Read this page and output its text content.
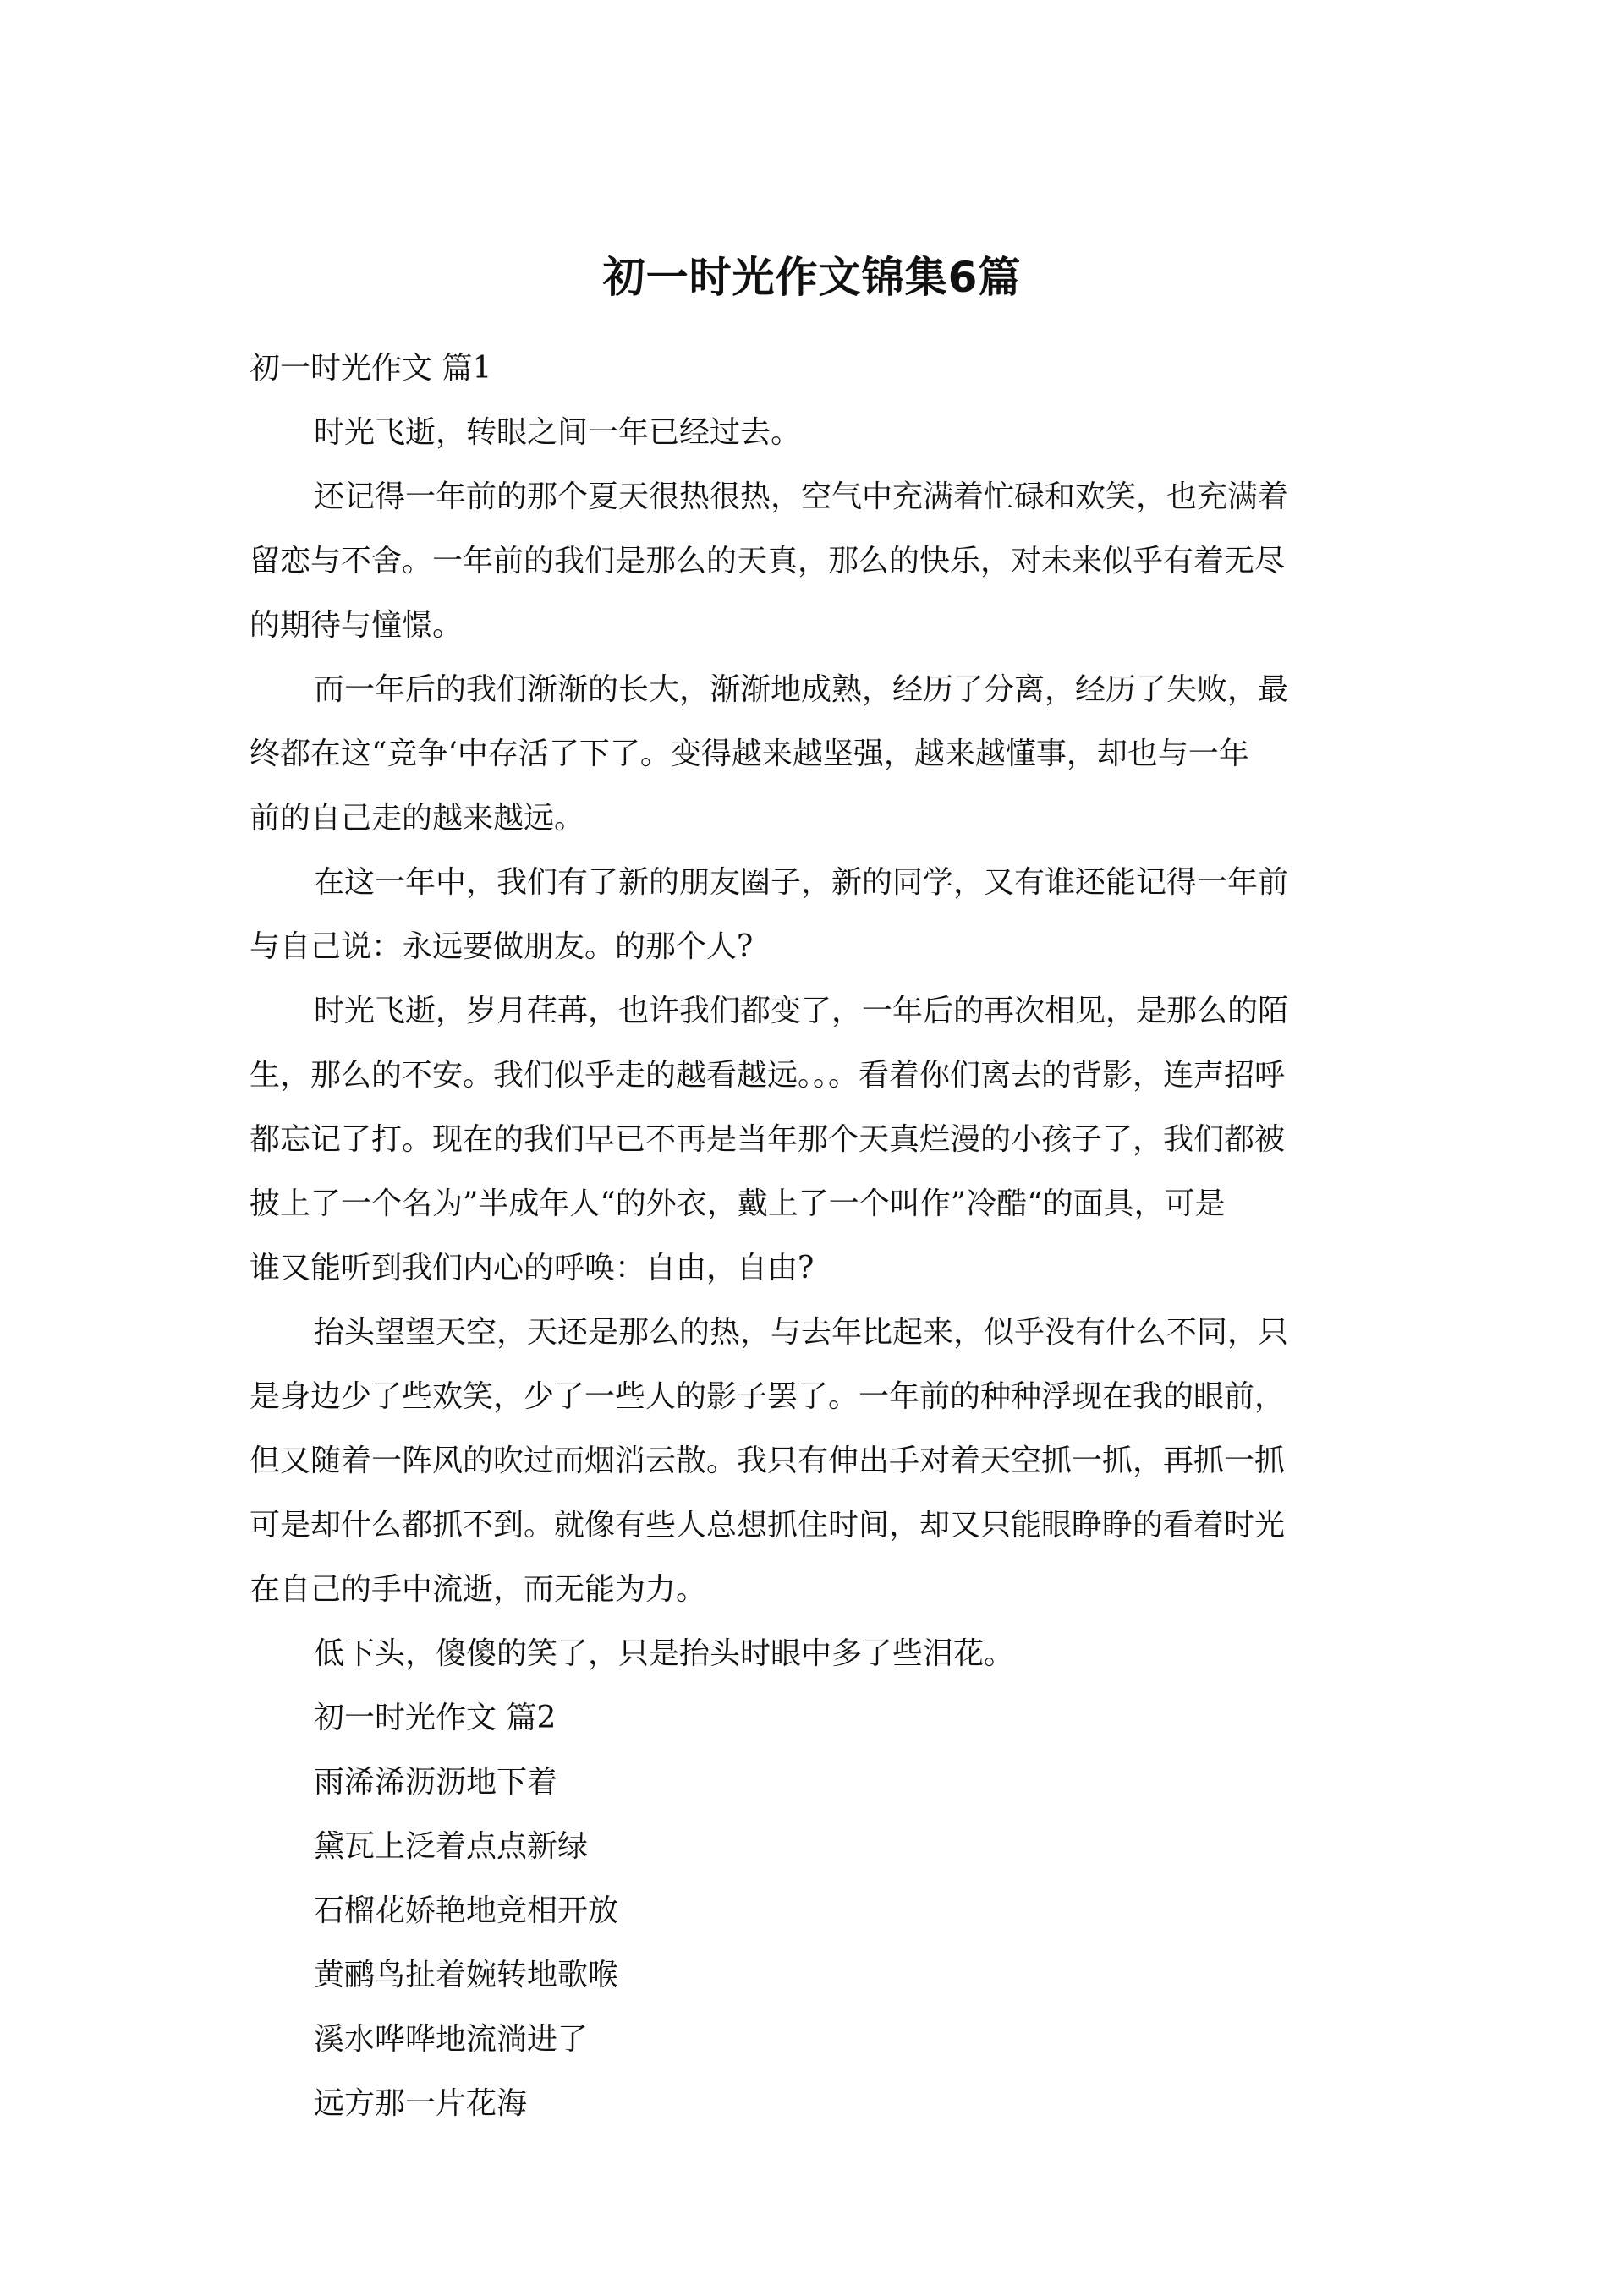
初一时光作文锦集6篇
初一时光作文 篇1
时光飞逝，转眼之间一年已经过去。
还记得一年前的那个夏天很热很热，空气中充满着忙碌和欢笑，也充满着
留恋与不舍。一年前的我们是那么的天真，那么的快乐，对未来似乎有着无尽
的期待与憧憬。
而一年后的我们渐渐的长大，渐渐地成熟，经历了分离，经历了失败，最
终都在这“竞争‘中存活了下了。变得越来越坚强，越来越懂事，却也与一年
前的自己走的越来越远。
在这一年中，我们有了新的朋友圈子，新的同学，又有谁还能记得一年前
与自己说：永远要做朋友。的那个人?
时光飞逝，岁月荏苒，也许我们都变了，一年后的再次相见，是那么的陌
生，那么的不安。我们似乎走的越看越远。。。看着你们离去的背影，连声招呼
都忘记了打。现在的我们早已不再是当年那个天真烂漫的小孩子了，我们都被
披上了一个名为”半成年人“的外衣，戴上了一个叫作”冷酷“的面具，可是
谁又能听到我们内心的呼唤：自由，自由?
抬头望望天空，天还是那么的热，与去年比起来，似乎没有什么不同，只
是身边少了些欢笑，少了一些人的影子罢了。一年前的种种浮现在我的眼前，
但又随着一阵风的吹过而烟消云散。我只有伸出手对着天空抓一抓，再抓一抓
可是却什么都抓不到。就像有些人总想抓住时间，却又只能眼睁睁的看着时光
在自己的手中流逝，而无能为力。
低下头，傻傻的笑了，只是抬头时眼中多了些泪花。
初一时光作文 篇2
雨浠浠沥沥地下着
黛瓦上泛着点点新绿
石榴花娇艳地竞相开放
黄鹂鸟扯着婉转地歌喉
溪水哗哗地流淌进了
远方那一片花海
